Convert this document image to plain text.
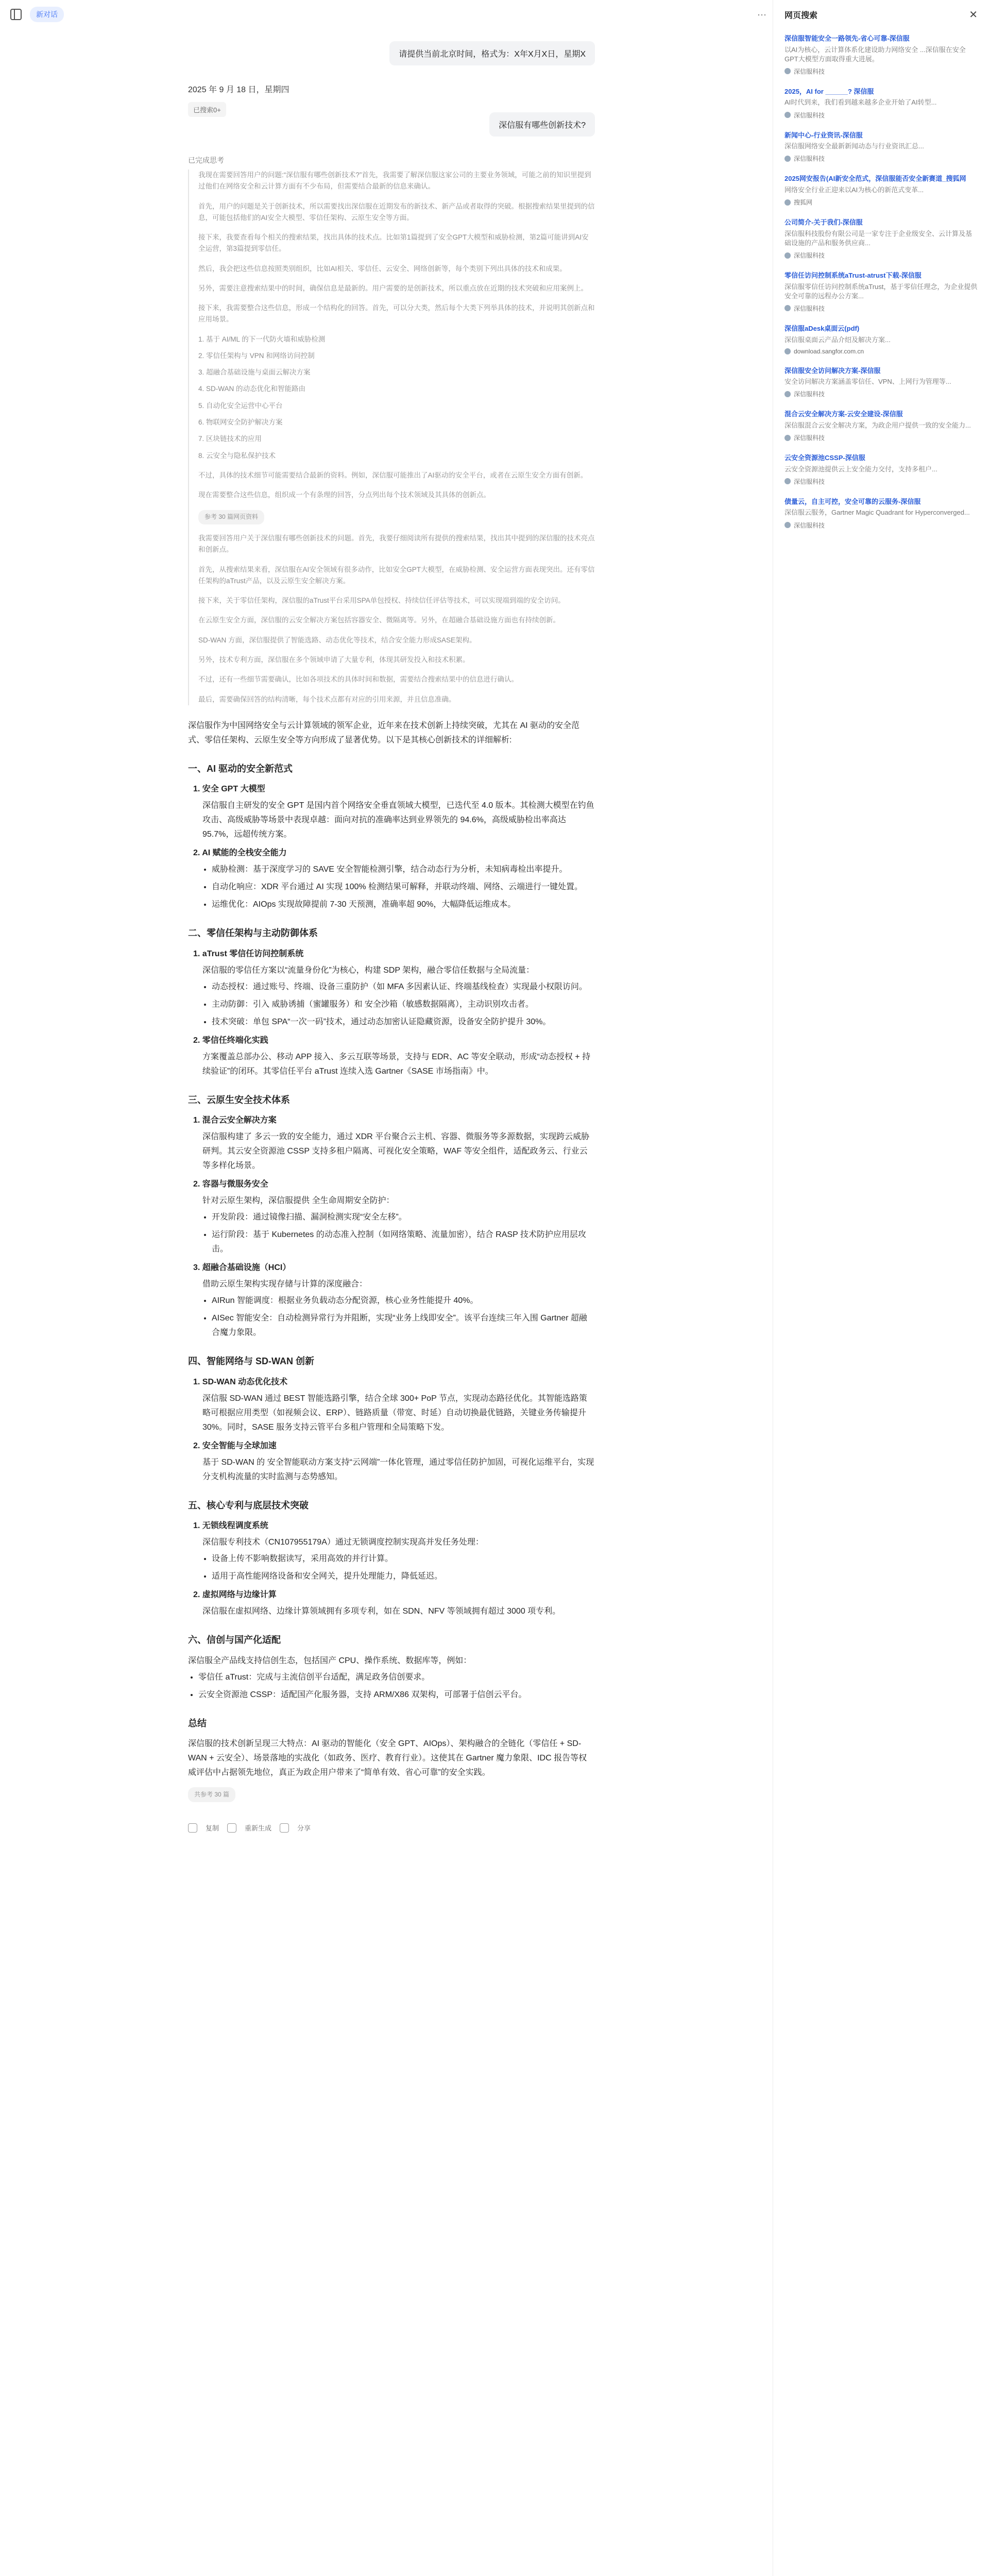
新对话	···
请提供当前北京时间，格式为：X年X月X日，星期X
2025 年 9 月 18 日，星期四
已搜索0+
深信服有哪些创新技术?
已完成思考

我现在需要回答用户的问题:“深信服有哪些创新技术?”首先，我需要了解深信服这家公司的主要业务领域，可能之前的知识里提到过他们在网络安全和云计算方面有不少布局，但需要结合最新的信息来确认。

首先，用户的问题是关于创新技术，所以需要找出深信服在近期发布的新技术、新产品或者取得的突破。根据搜索结果里提到的信息，可能包括他们的AI安全大模型、零信任架构、云原生安全等方面。

接下来，我要查看每个相关的搜索结果，找出具体的技术点。比如第1篇提到了安全GPT大模型和威胁检测，第2篇可能讲到AI安全运营，第3篇提到零信任。

然后，我会把这些信息按照类别组织，比如AI相关、零信任、云安全、网络创新等，每个类别下列出具体的技术和成果。

另外，需要注意搜索结果中的时间，确保信息是最新的。用户需要的是创新技术，所以重点放在近期的技术突破和应用案例上。

接下来，我需要整合这些信息，形成一个结构化的回答。首先，可以分大类，然后每个大类下列举具体的技术，并说明其创新点和应用场景。

1. 基于 AI/ML 的下一代防火墙和威胁检测
2. 零信任架构与 VPN 和网络访问控制
3. 超融合基础设施与桌面云解决方案
4. SD-WAN 的动态优化和智能路由
5. 自动化安全运营中心平台
6. 物联网安全防护解决方案
7. 区块链技术的应用
8. 云安全与隐私保护技术

不过，具体的技术细节可能需要结合最新的资料。例如，深信服可能推出了AI驱动的安全平台，或者在云原生安全方面有创新。

现在需要整合这些信息，组织成一个有条理的回答，分点列出每个技术领域及其具体的创新点。

参考 30 篇网页资料

我需要回答用户关于深信服有哪些创新技术的问题。首先，我要仔细阅读所有提供的搜索结果，找出其中提到的深信服的技术亮点和创新点。

首先，从搜索结果来看，深信服在AI安全领域有很多动作，比如安全GPT大模型，在威胁检测、安全运营方面表现突出。还有零信任架构的aTrust产品，以及云原生安全解决方案。

接下来，关于零信任架构，深信服的aTrust平台采用SPA单包授权、持续信任评估等技术，可以实现端到端的安全访问。

在云原生安全方面，深信服的云安全解决方案包括容器安全、微隔离等。另外，在超融合基础设施方面也有持续创新。

SD-WAN 方面，深信服提供了智能选路、动态优化等技术，结合安全能力形成SASE架构。

另外，技术专利方面，深信服在多个领域申请了大量专利，体现其研发投入和技术积累。

不过，还有一些细节需要确认，比如各项技术的具体时间和数据，需要结合搜索结果中的信息进行确认。

最后，需要确保回答的结构清晰，每个技术点都有对应的引用来源，并且信息准确。

深信服作为中国网络安全与云计算领域的领军企业，近年来在技术创新上持续突破，尤其在 AI 驱动的安全范式、零信任架构、云原生安全等方向形成了显著优势。以下是其核心创新技术的详细解析:

一、AI 驱动的安全新范式
1. 安全 GPT 大模型
深信服自主研发的安全 GPT 是国内首个网络安全垂直领域大模型，已迭代至 4.0 版本。其检测大模型在钓鱼攻击、高级威胁等场景中表现卓越：面向对抗的准确率达到业界领先的 94.6%，高级威胁检出率高达 95.7%，远超传统方案。
2. AI 赋能的全栈安全能力
• 威胁检测：基于深度学习的 SAVE 安全智能检测引擎，结合动态行为分析，未知病毒检出率提升。
• 自动化响应：XDR 平台通过 AI 实现 100% 检测结果可解释，并联动终端、网络、云端进行一键处置。
• 运维优化：AIOps 实现故障提前 7-30 天预测，准确率超 90%，大幅降低运维成本。
二、零信任架构与主动防御体系
1. aTrust 零信任访问控制系统
深信服的零信任方案以“流量身份化”为核心，构建 SDP 架构，融合零信任数据与全局流量：
• 动态授权：通过账号、终端、设备三重防护（如 MFA 多因素认证、终端基线检查）实现最小权限访问。
• 主动防御：引入 威胁诱捕（蜜罐服务）和 安全沙箱（敏感数据隔离），主动识别攻击者。
• 技术突破：单包 SPA“一次一码”技术，通过动态加密认证隐藏资源，设备安全防护提升 30%。
2. 零信任终端化实践
方案覆盖总部办公、移动 APP 接入、多云互联等场景，支持与 EDR、AC 等安全联动，形成“动态授权 + 持续验证”的闭环。其零信任平台 aTrust 连续入选 Gartner《SASE 市场指南》中。
三、云原生安全技术体系
1. 混合云安全解决方案
深信服构建了 多云一致的安全能力，通过 XDR 平台聚合云主机、容器、微服务等多源数据，实现跨云威胁研判。其云安全资源池 CSSP 支持多租户隔离、可视化安全策略，WAF 等安全组件，适配政务云、行业云等多样化场景。
2. 容器与微服务安全
针对云原生架构，深信服提供 全生命周期安全防护：
• 开发阶段：通过镜像扫描、漏洞检测实现“安全左移”。
• 运行阶段：基于 Kubernetes 的动态准入控制（如网络策略、流量加密），结合 RASP 技术防护应用层攻击。
3. 超融合基础设施（HCI）
借助云原生架构实现存储与计算的深度融合：
• AIRun 智能调度：根据业务负载动态分配资源，核心业务性能提升 40%。
• AISec 智能安全：自动检测异常行为并阻断，实现“业务上线即安全”。该平台连续三年入围 Gartner 超融合魔力象限。
四、智能网络与 SD-WAN 创新
1. SD-WAN 动态优化技术
深信服 SD-WAN 通过 BEST 智能选路引擎，结合全球 300+ PoP 节点，实现动态路径优化。其智能选路策略可根据应用类型（如视频会议、ERP）、链路质量（带宽、时延）自动切换最优链路，关键业务传输提升 30%。同时，SASE 服务支持云管平台多租户管理和全局策略下发。
2. 安全智能与全球加速
基于 SD-WAN 的 安全智能联动方案支持“云网端”一体化管理，通过零信任防护加固，可视化运维平台，实现分支机构流量的实时监测与态势感知。
五、核心专利与底层技术突破
1. 无锁线程调度系统
深信服专利技术（CN107955179A）通过无锁调度控制实现高并发任务处理：
• 设备上传不影响数据读写，采用高效的并行计算。
• 适用于高性能网络设备和安全网关，提升处理能力，降低延迟。
2. 虚拟网络与边缘计算
深信服在虚拟网络、边缘计算领域拥有多项专利，如在 SDN、NFV 等领域拥有超过 3000 项专利。
六、信创与国产化适配

深信服全产品线支持信创生态，包括国产 CPU、操作系统、数据库等，例如：

• 零信任 aTrust：完成与主流信创平台适配，满足政务信创要求。
• 云安全资源池 CSSP：适配国产化服务器，支持 ARM/X86 双架构，可部署于信创云平台。
总结

深信服的技术创新呈现三大特点：AI 驱动的智能化（安全 GPT、AIOps）、架构融合的全链化（零信任 + SD-WAN + 云安全）、场景落地的实战化（如政务、医疗、教育行业）。这使其在 Gartner 魔力象限、IDC 报告等权威评估中占据领先地位，真正为政企用户带来了“简单有效、省心可靠”的安全实践。

共参考 30 篇
复制	重新生成	分享
网页搜索	✕
深信服智能安全一路领先-省心可靠-深信服
以AI为核心，云计算体系化建设助力网络安全 ...深信服在安全GPT大模型方面取得重大进展。
深信服科技
2025，AI for ______? 深信服
AI时代到来，我们看到越来越多企业开始了AI转型...
深信服科技
新闻中心-行业资讯-深信服
深信服网络安全最新新闻动态与行业资讯汇总...
深信服科技
2025网安报告(AI新安全范式，深信服能否安全新赛道_搜狐网
网络安全行业正迎来以AI为核心的新范式变革...
搜狐网
公司简介-关于我们-深信服
深信服科技股份有限公司是一家专注于企业级安全、云计算及基础设施的产品和服务供应商...
深信服科技
零信任访问控制系统aTrust-atrust下载-深信服
深信服零信任访问控制系统aTrust，基于零信任理念，为企业提供安全可靠的远程办公方案...
深信服科技
深信服aDesk桌面云(pdf)
深信服桌面云产品介绍及解决方案...
download.sangfor.com.cn
深信服安全访问解决方案-深信服
安全访问解决方案涵盖零信任、VPN、上网行为管理等...
深信服科技
混合云安全解决方案-云安全建设-深信服
深信服混合云安全解决方案，为政企用户提供一致的安全能力...
深信服科技
云安全资源池CSSP-深信服
云安全资源池提供云上安全能力交付，支持多租户...
深信服科技
债量云，自主可控，安全可靠的云服务-深信服
深信服云服务，Gartner Magic Quadrant for Hyperconverged...
深信服科技
